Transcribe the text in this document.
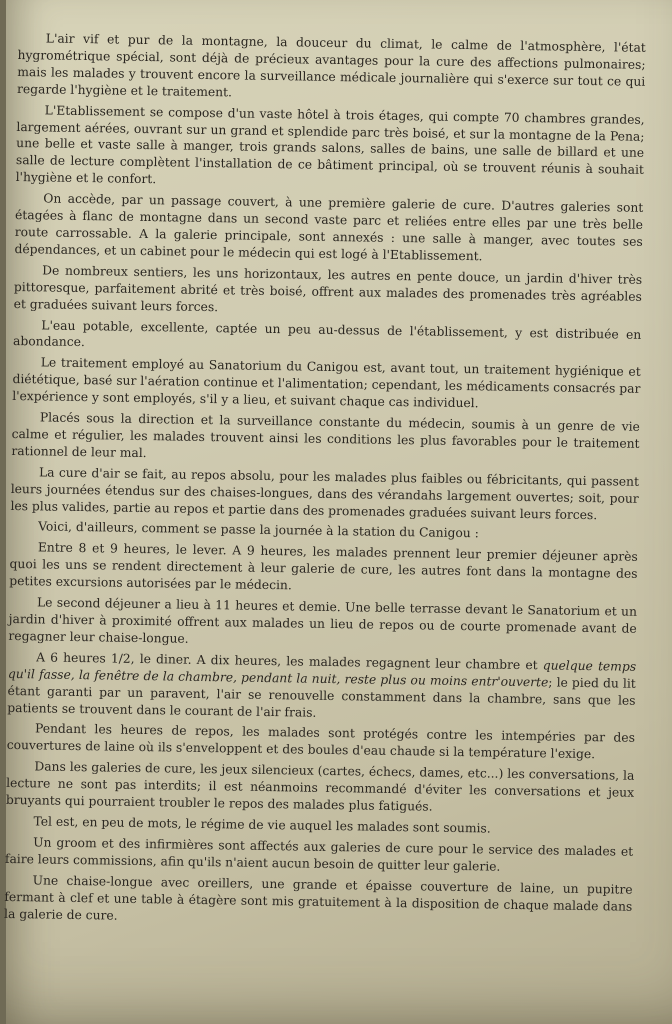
L'air vif et pur de la montagne, la douceur du climat, le calme de l'atmosphère, l'état hygrométrique spécial, sont déjà de précieux avantages pour la cure des affections pulmonaires; mais les malades y trouvent encore la surveillance médicale journalière qui s'exerce sur tout ce qui regarde l'hygiène et le traitement.

L'Etablissement se compose d'un vaste hôtel à trois étages, qui compte 70 chambres grandes, largement aérées, ouvrant sur un grand et splendide parc très boisé, et sur la montagne de la Pena; une belle et vaste salle à manger, trois grands salons, salles de bains, une salle de billard et une salle de lecture complètent l'installation de ce bâtiment principal, où se trouvent réunis à souhait l'hygiène et le confort.

On accède, par un passage couvert, à une première galerie de cure. D'autres galeries sont étagées à flanc de montagne dans un second vaste parc et reliées entre elles par une très belle route carrossable. A la galerie principale, sont annexés : une salle à manger, avec toutes ses dépendances, et un cabinet pour le médecin qui est logé à l'Etablissement.

De nombreux sentiers, les uns horizontaux, les autres en pente douce, un jardin d'hiver très pittoresque, parfaitement abrité et très boisé, offrent aux malades des promenades très agréables et graduées suivant leurs forces.

L'eau potable, excellente, captée un peu au-dessus de l'établissement, y est distribuée en abondance.

Le traitement employé au Sanatorium du Canigou est, avant tout, un traitement hygiénique et diététique, basé sur l'aération continue et l'alimentation; cependant, les médicaments consacrés par l'expérience y sont employés, s'il y a lieu, et suivant chaque cas individuel.

Placés sous la direction et la surveillance constante du médecin, soumis à un genre de vie calme et régulier, les malades trouvent ainsi les conditions les plus favorables pour le traitement rationnel de leur mal.

La cure d'air se fait, au repos absolu, pour les malades plus faibles ou fébricitants, qui passent leurs journées étendus sur des chaises-longues, dans des vérandahs largement ouvertes; soit, pour les plus valides, partie au repos et partie dans des promenades graduées suivant leurs forces.

Voici, d'ailleurs, comment se passe la journée à la station du Canigou :

Entre 8 et 9 heures, le lever. A 9 heures, les malades prennent leur premier déjeuner après quoi les uns se rendent directement à leur galerie de cure, les autres font dans la montagne des petites excursions autorisées par le médecin.

Le second déjeuner a lieu à 11 heures et demie. Une belle terrasse devant le Sanatorium et un jardin d'hiver à proximité offrent aux malades un lieu de repos ou de courte promenade avant de regagner leur chaise-longue.

A 6 heures 1/2, le diner. A dix heures, les malades regagnent leur chambre et quelque temps qu'il fasse, la fenêtre de la chambre, pendant la nuit, reste plus ou moins entr'ouverte; le pied du lit étant garanti par un paravent, l'air se renouvelle constamment dans la chambre, sans que les patients se trouvent dans le courant de l'air frais.

Pendant les heures de repos, les malades sont protégés contre les intempéries par des couvertures de laine où ils s'enveloppent et des boules d'eau chaude si la température l'exige.

Dans les galeries de cure, les jeux silencieux (cartes, échecs, dames, etc...) les conversations, la lecture ne sont pas interdits; il est néanmoins recommandé d'éviter les conversations et jeux bruyants qui pourraient troubler le repos des malades plus fatigués.

Tel est, en peu de mots, le régime de vie auquel les malades sont soumis.

Un groom et des infirmières sont affectés aux galeries de cure pour le service des malades et faire leurs commissions, afin qu'ils n'aient aucun besoin de quitter leur galerie.

Une chaise-longue avec oreillers, une grande et épaisse couverture de laine, un pupitre fermant à clef et une table à étagère sont mis gratuitement à la disposition de chaque malade dans la galerie de cure.
